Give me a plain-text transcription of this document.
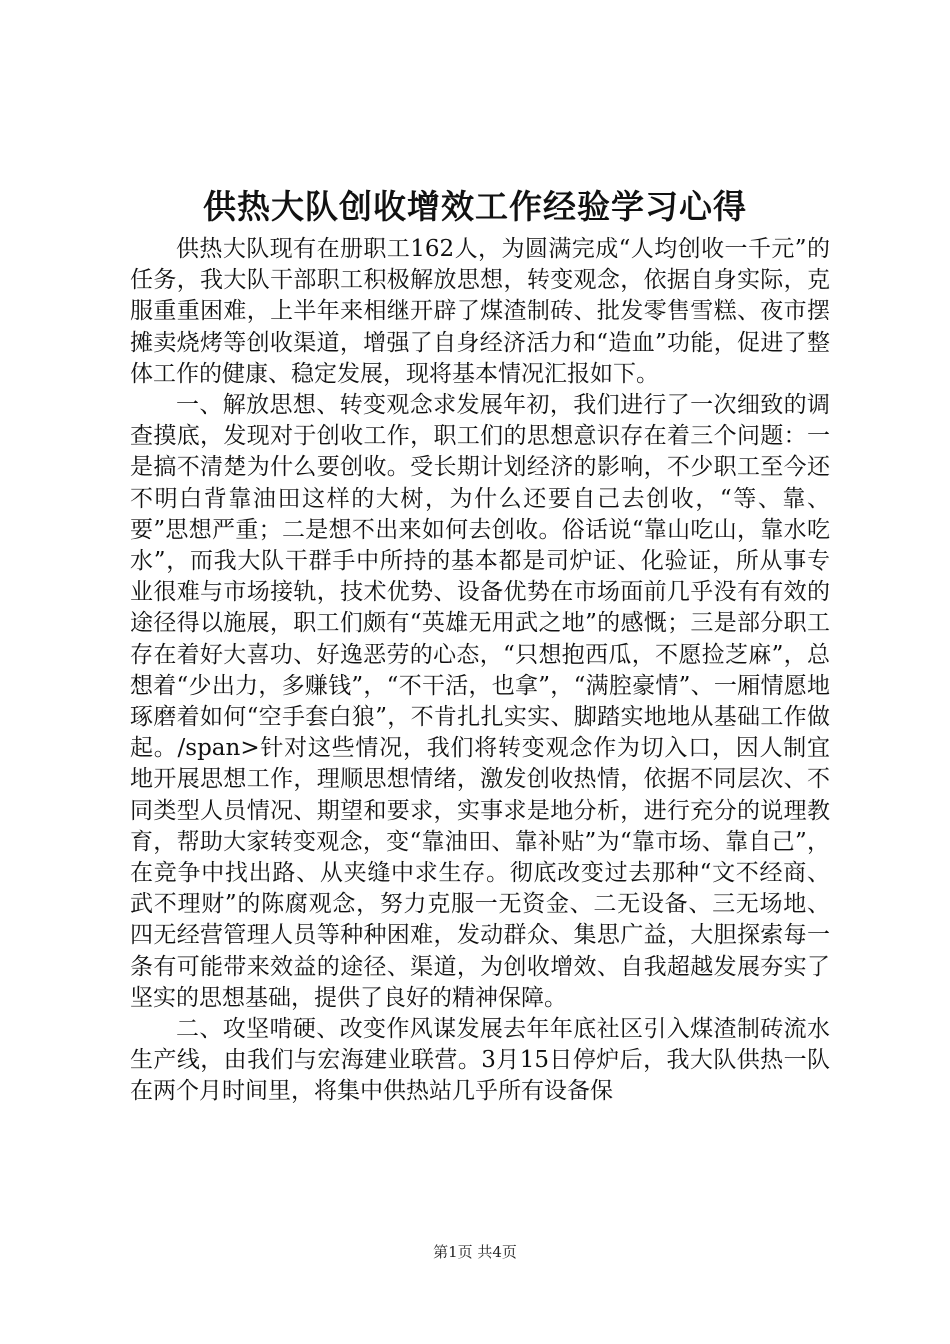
供热大队创收增效工作经验学习心得

供热大队现有在册职工162人，为圆满完成“人均创收一千元”的任务，我大队干部职工积极解放思想，转变观念，依据自身实际，克服重重困难，上半年来相继开辟了煤渣制砖、批发零售雪糕、夜市摆摊卖烧烤等创收渠道，增强了自身经济活力和“造血”功能，促进了整体工作的健康、稳定发展，现将基本情况汇报如下。

一、解放思想、转变观念求发展年初，我们进行了一次细致的调查摸底，发现对于创收工作，职工们的思想意识存在着三个问题：一是搞不清楚为什么要创收。受长期计划经济的影响，不少职工至今还不明白背靠油田这样的大树，为什么还要自己去创收，“等、靠、要”思想严重；二是想不出来如何去创收。俗话说“靠山吃山，靠水吃水”，而我大队干群手中所持的基本都是司炉证、化验证，所从事专业很难与市场接轨，技术优势、设备优势在市场面前几乎没有有效的途径得以施展，职工们颇有“英雄无用武之地”的感慨；三是部分职工存在着好大喜功、好逸恶劳的心态，“只想抱西瓜，不愿捡芝麻”，总想着“少出力，多赚钱”，“不干活，也拿”，“满腔豪情”、一厢情愿地琢磨着如何“空手套白狼”，不肯扎扎实实、脚踏实地地从基础工作做起。/span>针对这些情况，我们将转变观念作为切入口，因人制宜地开展思想工作，理顺思想情绪，激发创收热情，依据不同层次、不同类型人员情况、期望和要求，实事求是地分析，进行充分的说理教育，帮助大家转变观念，变“靠油田、靠补贴”为“靠市场、靠自己”，在竞争中找出路、从夹缝中求生存。彻底改变过去那种“文不经商、武不理财”的陈腐观念，努力克服一无资金、二无设备、三无场地、四无经营管理人员等种种困难，发动群众、集思广益，大胆探索每一条有可能带来效益的途径、渠道，为创收增效、自我超越发展夯实了坚实的思想基础，提供了良好的精神保障。

二、攻坚啃硬、改变作风谋发展去年年底社区引入煤渣制砖流水生产线，由我们与宏海建业联营。3月15日停炉后，我大队供热一队在两个月时间里，将集中供热站几乎所有设备保

第1页 共4页
